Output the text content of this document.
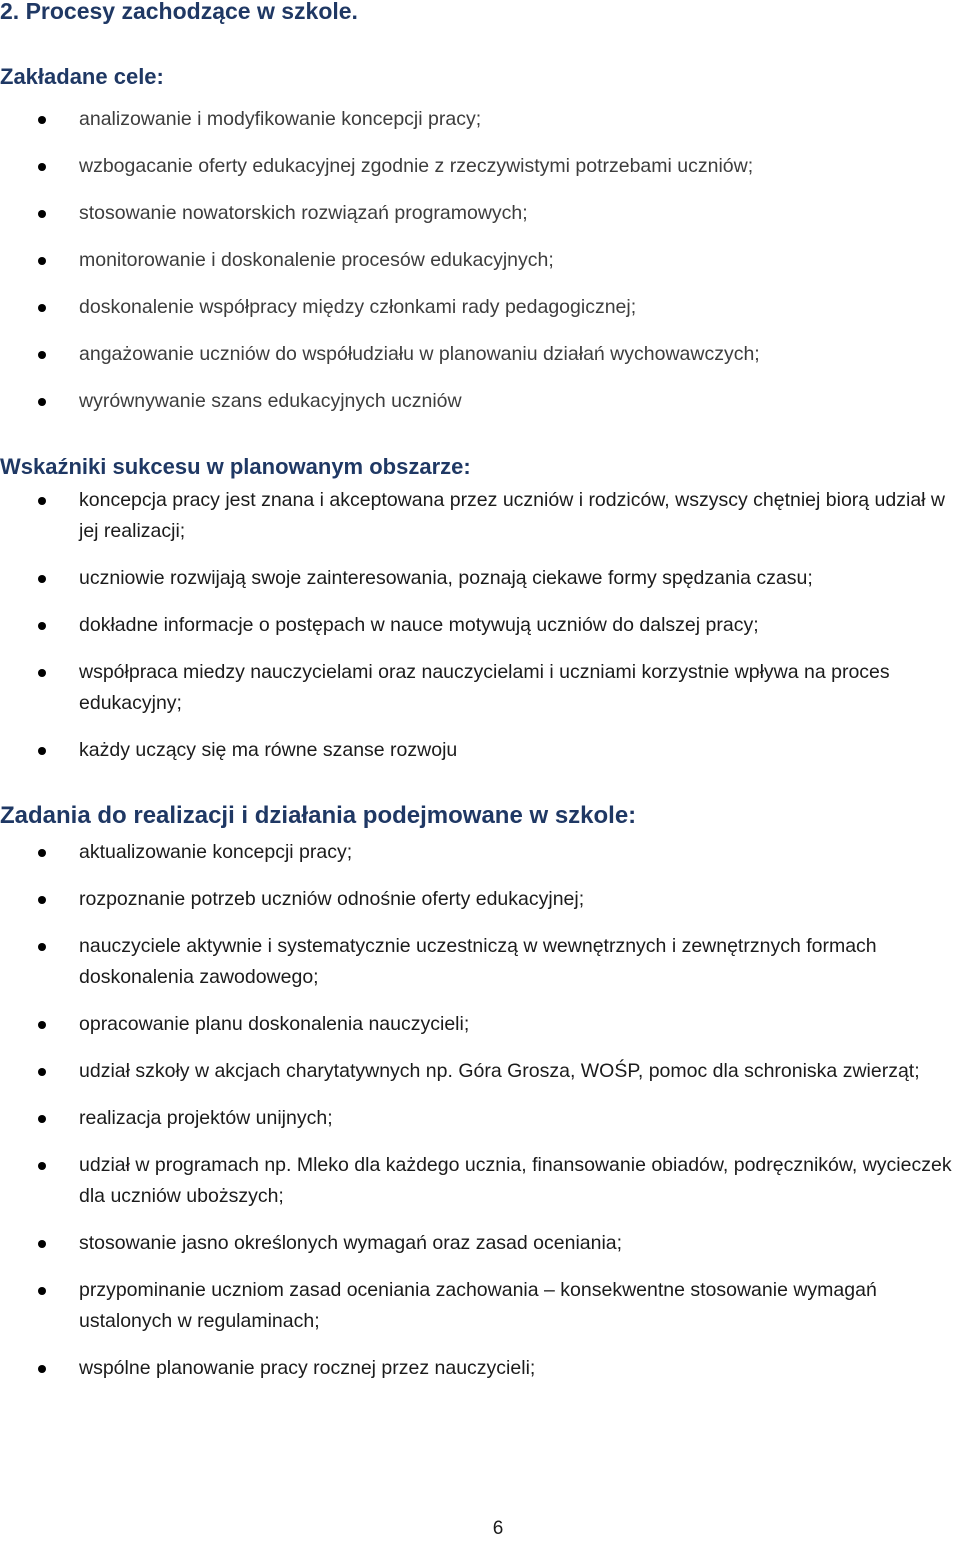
2. Procesy zachodzące w szkole.
Zakładane cele:
analizowanie i modyfikowanie koncepcji pracy;
wzbogacanie oferty edukacyjnej zgodnie z rzeczywistymi potrzebami uczniów;
stosowanie nowatorskich rozwiązań programowych;
monitorowanie i doskonalenie procesów edukacyjnych;
doskonalenie współpracy między członkami rady pedagogicznej;
angażowanie uczniów do współudziału w planowaniu działań wychowawczych;
wyrównywanie szans edukacyjnych uczniów
Wskaźniki sukcesu w planowanym obszarze:
koncepcja pracy jest znana i akceptowana przez uczniów i rodziców, wszyscy chętniej biorą udział w jej realizacji;
uczniowie rozwijają swoje zainteresowania, poznają ciekawe formy spędzania czasu;
dokładne informacje o postępach w nauce motywują uczniów do dalszej pracy;
współpraca miedzy nauczycielami oraz nauczycielami i uczniami korzystnie wpływa na proces edukacyjny;
każdy uczący się ma równe szanse rozwoju
Zadania do realizacji i działania podejmowane w szkole:
aktualizowanie koncepcji pracy;
rozpoznanie potrzeb uczniów odnośnie oferty edukacyjnej;
nauczyciele aktywnie i systematycznie uczestniczą w wewnętrznych i zewnętrznych formach doskonalenia zawodowego;
opracowanie planu doskonalenia nauczycieli;
udział szkoły w akcjach charytatywnych np. Góra Grosza, WOŚP, pomoc dla schroniska zwierząt;
realizacja projektów unijnych;
udział w programach np. Mleko dla każdego ucznia, finansowanie obiadów, podręczników, wycieczek dla uczniów uboższych;
stosowanie jasno określonych wymagań oraz zasad oceniania;
przypominanie uczniom zasad oceniania zachowania – konsekwentne stosowanie wymagań ustalonych w regulaminach;
wspólne planowanie pracy rocznej przez nauczycieli;
6
